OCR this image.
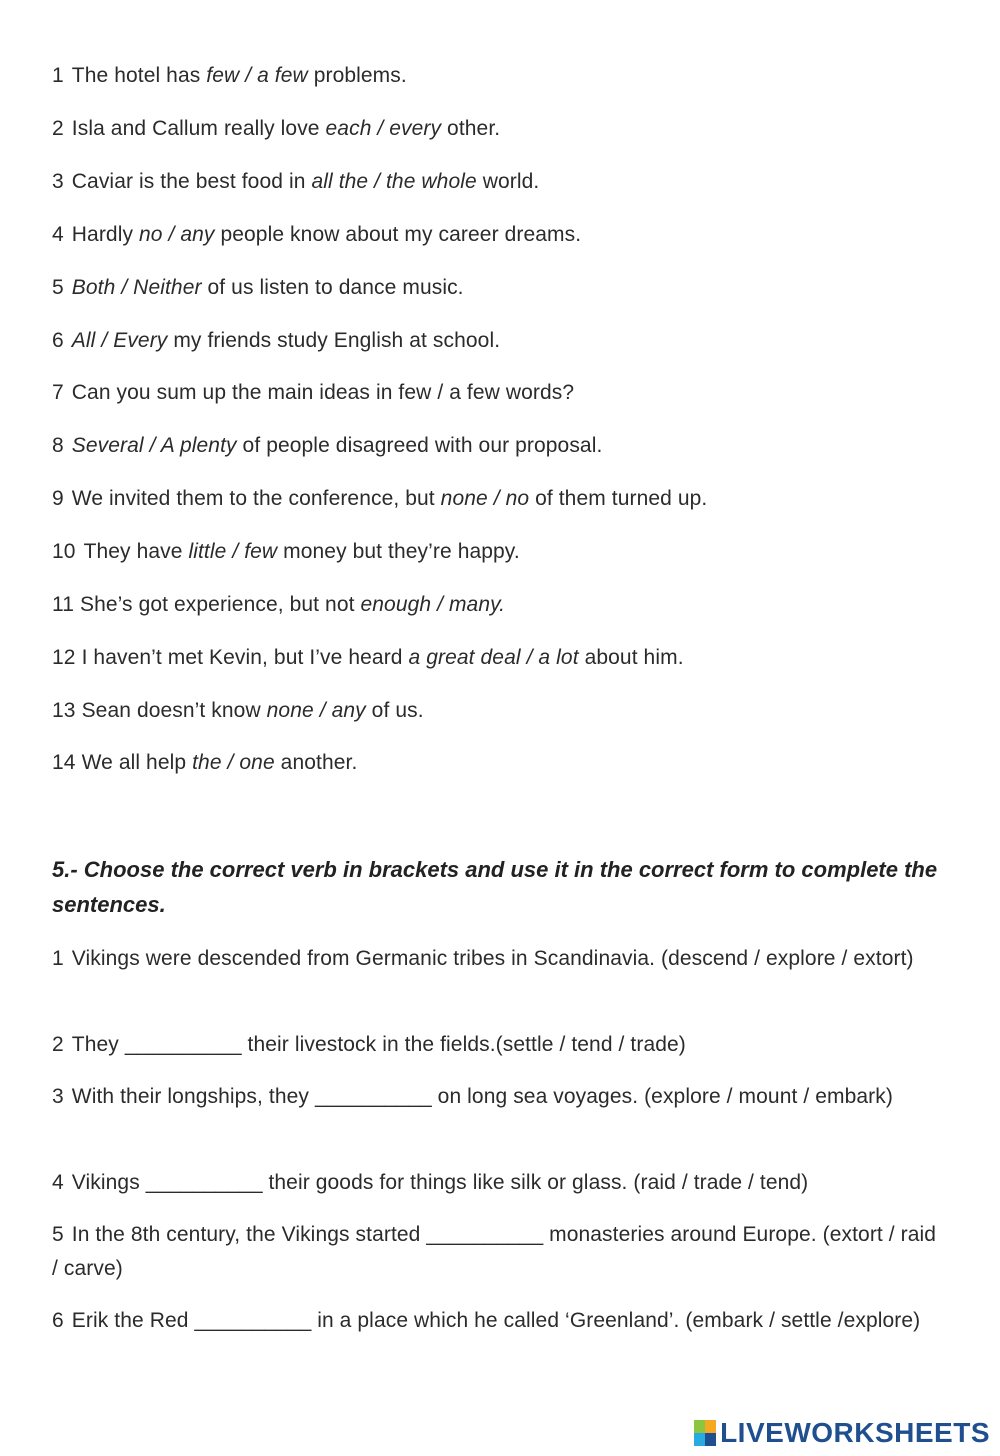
1 The hotel has few / a few problems.
2 Isla and Callum really love each / every other.
3 Caviar is the best food in all the / the whole world.
4 Hardly no / any people know about my career dreams.
5 Both / Neither of us listen to dance music.
6 All / Every my friends study English at school.
7 Can you sum up the main ideas in few / a few words?
8 Several / A plenty of people disagreed with our proposal.
9 We invited them to the conference, but none / no of them turned up.
10 They have little / few money but they’re happy.
11 She’s got experience, but not enough / many.
12 I haven’t met Kevin, but I’ve heard a great deal / a lot about him.
13 Sean doesn’t know none / any of us.
14 We all help the / one another.
5.- Choose the correct verb in brackets and use it in the correct form to complete the sentences.
1 Vikings were descended from Germanic tribes in Scandinavia. (descend / explore / extort)
2 They __________ their livestock in the fields.(settle / tend / trade)
3 With their longships, they __________ on long sea voyages. (explore / mount / embark)
4 Vikings __________ their goods for things like silk or glass. (raid / trade / tend)
5 In the 8th century, the Vikings started __________ monasteries around Europe. (extort / raid / carve)
6 Erik the Red __________ in a place which he called ‘Greenland’. (embark / settle /explore)
LIVEWORKSHEETS
